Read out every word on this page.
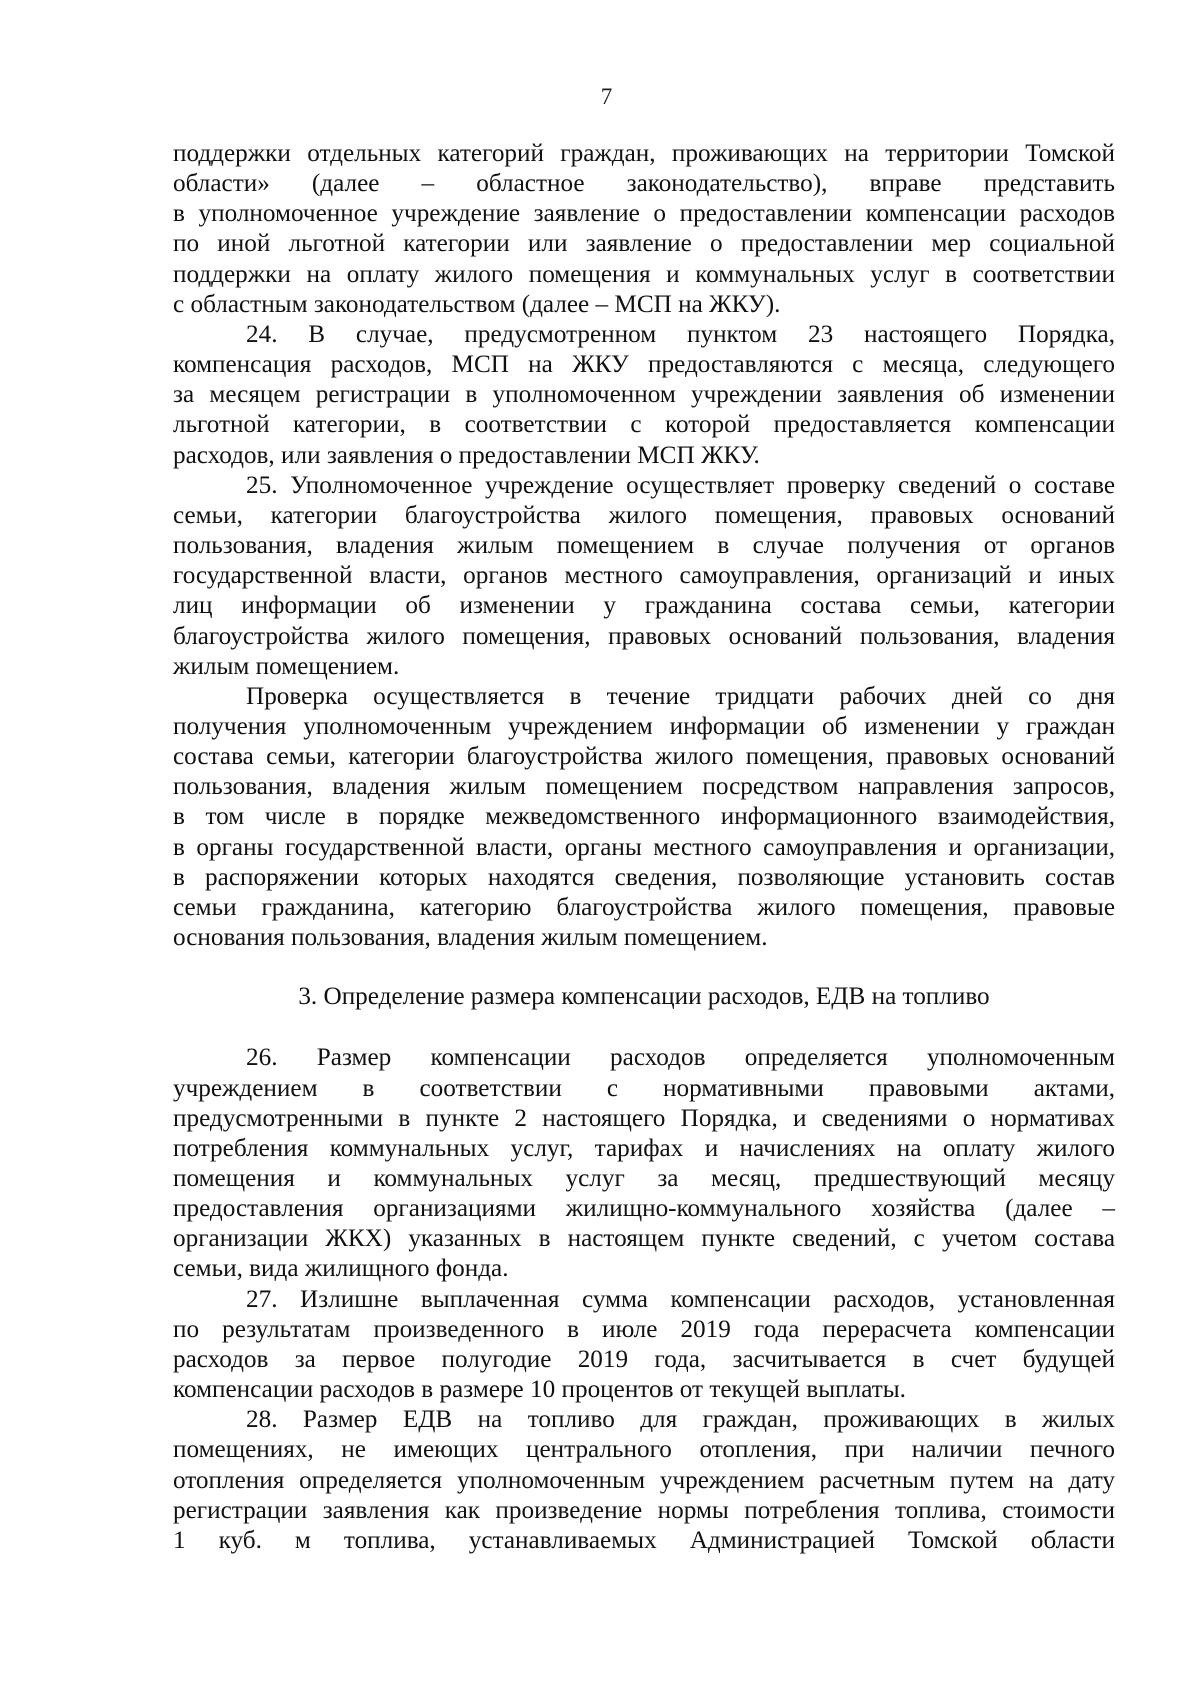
7

поддержки отдельных категорий граждан, проживающих на территории Томской

области» (далее – областное законодательство), вправе представить

в уполномоченное учреждение заявление о предоставлении компенсации расходов

по иной льготной категории или заявление о предоставлении мер социальной

поддержки на оплату жилого помещения и коммунальных услуг в соответствии

с областным законодательством (далее – МСП на ЖКУ).

24. В случае, предусмотренном пунктом 23 настоящего Порядка,

компенсация расходов, МСП на ЖКУ предоставляются с месяца, следующего

за месяцем регистрации в уполномоченном учреждении заявления об изменении

льготной категории, в соответствии с которой предоставляется компенсации

расходов, или заявления о предоставлении МСП ЖКУ.

25. Уполномоченное учреждение осуществляет проверку сведений о составе

семьи, категории благоустройства жилого помещения, правовых оснований

пользования, владения жилым помещением в случае получения от органов

государственной власти, органов местного самоуправления, организаций и иных

лиц информации об изменении у гражданина состава семьи, категории

благоустройства жилого помещения, правовых оснований пользования, владения

жилым помещением.

Проверка осуществляется в течение тридцати рабочих дней со дня

получения уполномоченным учреждением информации об изменении у граждан

состава семьи, категории благоустройства жилого помещения, правовых оснований

пользования, владения жилым помещением посредством направления запросов,

в том числе в порядке межведомственного информационного взаимодействия,

в органы государственной власти, органы местного самоуправления и организации,

в распоряжении которых находятся сведения, позволяющие установить состав

семьи гражданина, категорию благоустройства жилого помещения, правовые

основания пользования, владения жилым помещением.

3. Определение размера компенсации расходов, ЕДВ на топливо

26. Размер компенсации расходов определяется уполномоченным

учреждением в соответствии с нормативными правовыми актами,

предусмотренными в пункте 2 настоящего Порядка, и сведениями о нормативах

потребления коммунальных услуг, тарифах и начислениях на оплату жилого

помещения и коммунальных услуг за месяц, предшествующий месяцу

предоставления организациями жилищно-коммунального хозяйства (далее –

организации ЖКХ) указанных в настоящем пункте сведений, с учетом состава

семьи, вида жилищного фонда.

27. Излишне выплаченная сумма компенсации расходов, установленная

по результатам произведенного в июле 2019 года перерасчета компенсации

расходов за первое полугодие 2019 года, засчитывается в счет будущей

компенсации расходов в размере 10 процентов от текущей выплаты.

28. Размер ЕДВ на топливо для граждан, проживающих в жилых

помещениях, не имеющих центрального отопления, при наличии печного

отопления определяется уполномоченным учреждением расчетным путем на дату

регистрации заявления как произведение нормы потребления топлива, стоимости

1 куб. м топлива, устанавливаемых Администрацией Томской области
